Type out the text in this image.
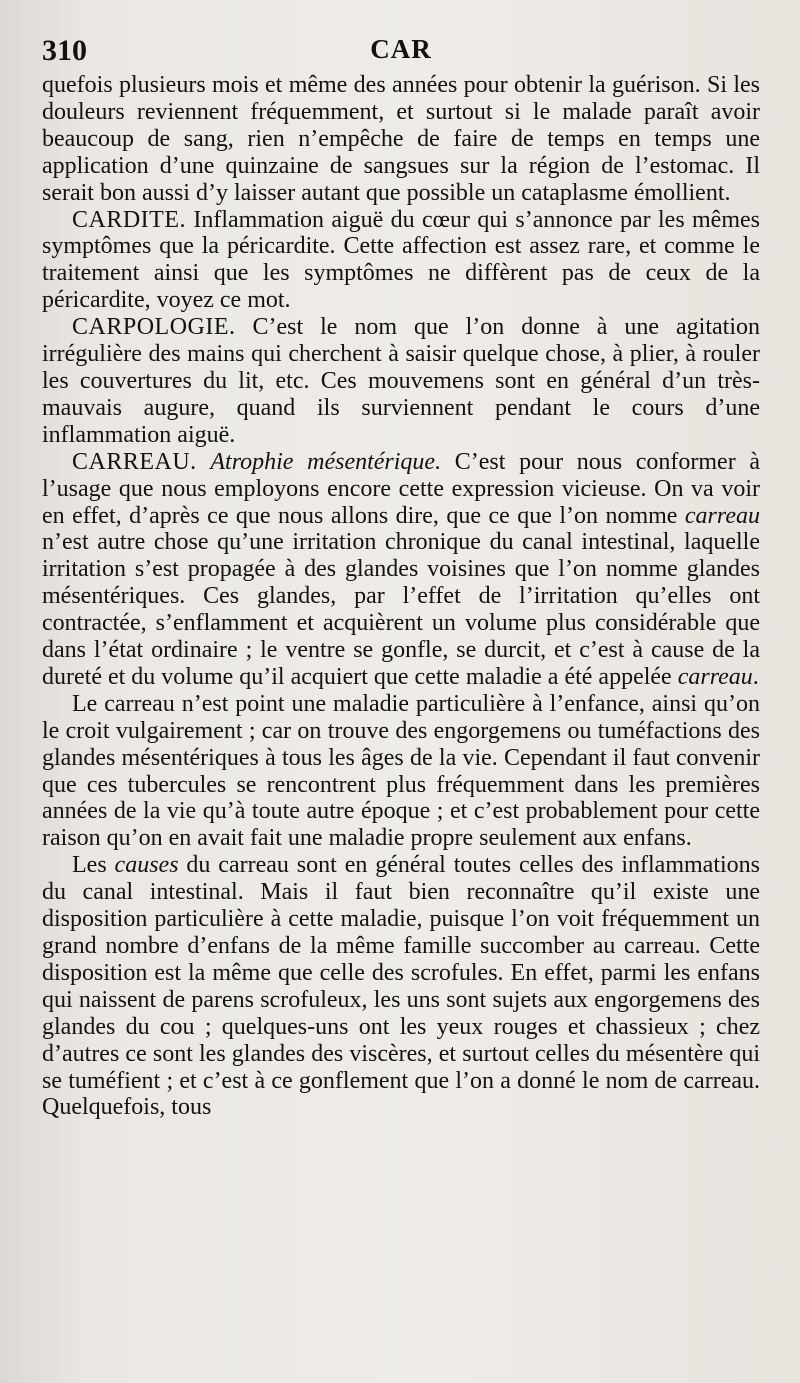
310	CAR

quefois plusieurs mois et même des années pour obtenir la guérison. Si les douleurs reviennent fréquemment, et surtout si le malade paraît avoir beaucoup de sang, rien n’empêche de faire de temps en temps une application d’une quinzaine de sangsues sur la région de l’estomac. Il serait bon aussi d’y laisser autant que possible un cataplasme émollient.

CARDITE. Inflammation aiguë du cœur qui s’annonce par les mêmes symptômes que la péricardite. Cette affection est assez rare, et comme le traitement ainsi que les symptômes ne diffèrent pas de ceux de la péricardite, voyez ce mot.

CARPOLOGIE. C’est le nom que l’on donne à une agitation irrégulière des mains qui cherchent à saisir quelque chose, à plier, à rouler les couvertures du lit, etc. Ces mouvemens sont en général d’un très-mauvais augure, quand ils surviennent pendant le cours d’une inflammation aiguë.

CARREAU. Atrophie mésentérique. C’est pour nous conformer à l’usage que nous employons encore cette expression vicieuse. On va voir en effet, d’après ce que nous allons dire, que ce que l’on nomme carreau n’est autre chose qu’une irritation chronique du canal intestinal, laquelle irritation s’est propagée à des glandes voisines que l’on nomme glandes mésentériques. Ces glandes, par l’effet de l’irritation qu’elles ont contractée, s’enflamment et acquièrent un volume plus considérable que dans l’état ordinaire ; le ventre se gonfle, se durcit, et c’est à cause de la dureté et du volume qu’il acquiert que cette maladie a été appelée carreau.

Le carreau n’est point une maladie particulière à l’enfance, ainsi qu’on le croit vulgairement ; car on trouve des engorgemens ou tuméfactions des glandes mésentériques à tous les âges de la vie. Cependant il faut convenir que ces tubercules se rencontrent plus fréquemment dans les premières années de la vie qu’à toute autre époque ; et c’est probablement pour cette raison qu’on en avait fait une maladie propre seulement aux enfans.

Les causes du carreau sont en général toutes celles des inflammations du canal intestinal. Mais il faut bien reconnaître qu’il existe une disposition particulière à cette maladie, puisque l’on voit fréquemment un grand nombre d’enfans de la même famille succomber au carreau. Cette disposition est la même que celle des scrofules. En effet, parmi les enfans qui naissent de parens scrofuleux, les uns sont sujets aux engorgemens des glandes du cou ; quelques-uns ont les yeux rouges et chassieux ; chez d’autres ce sont les glandes des viscères, et surtout celles du mésentère qui se tuméfient ; et c’est à ce gonflement que l’on a donné le nom de carreau. Quelquefois, tous
